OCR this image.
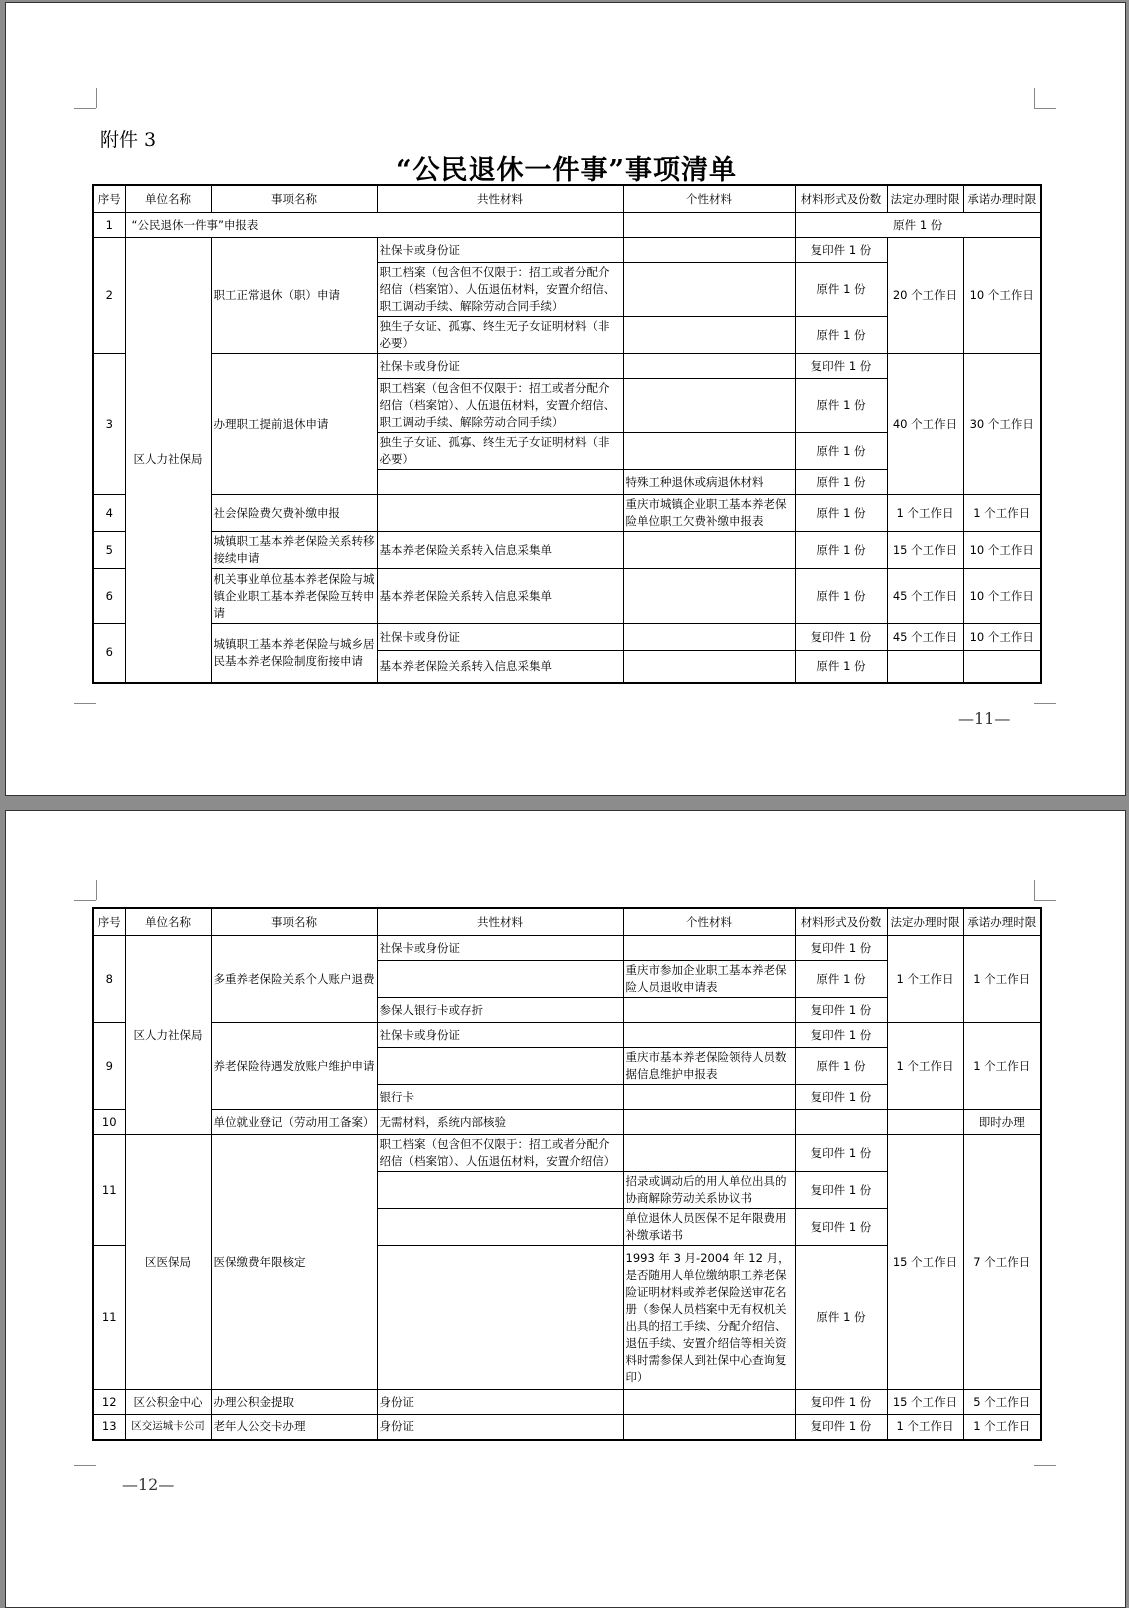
附件 3
“公民退休一件事”事项清单
序号	单位名称	事项名称	共性材料	个性材料	材料形式及份数	法定办理时限	承诺办理时限
1	“公民退休一件事”申报表				原件 1 份		
2	区人力社保局	职工正常退休（职）申请	社保卡或身份证		复印件 1 份	20 个工作日	10 个工作日
			职工档案（包含但不仅限于：招工或者分配介绍信（档案馆）、人伍退伍材料，安置介绍信、职工调动手续、解除劳动合同手续）		原件 1 份		
			独生子女证、孤寡、终生无子女证明材料（非必要）		原件 1 份		
3		办理职工提前退休申请	社保卡或身份证		复印件 1 份	40 个工作日	30 个工作日
			职工档案（包含但不仅限于：招工或者分配介绍信（档案馆）、人伍退伍材料，安置介绍信、职工调动手续、解除劳动合同手续）		原件 1 份		
			独生子女证、孤寡、终生无子女证明材料（非必要）		原件 1 份		
				特殊工种退休或病退休材料	原件 1 份		
4		社会保险费欠费补缴申报		重庆市城镇企业职工基本养老保险单位职工欠费补缴申报表	原件 1 份	1 个工作日	1 个工作日
5		城镇职工基本养老保险关系转移接续申请	基本养老保险关系转入信息采集单		原件 1 份	15 个工作日	10 个工作日
6		机关事业单位基本养老保险与城镇企业职工基本养老保险互转申请	基本养老保险关系转入信息采集单		原件 1 份	45 个工作日	10 个工作日
6		城镇职工基本养老保险与城乡居民基本养老保险制度衔接申请	社保卡或身份证		复印件 1 份	45 个工作日	10 个工作日
			基本养老保险关系转入信息采集单		原件 1 份		
—11—
序号	单位名称	事项名称	共性材料	个性材料	材料形式及份数	法定办理时限	承诺办理时限
8	区人力社保局	多重养老保险关系个人账户退费	社保卡或身份证		复印件 1 份	1 个工作日	1 个工作日
				重庆市参加企业职工基本养老保险人员退收申请表	原件 1 份		
			参保人银行卡或存折		复印件 1 份		
9		养老保险待遇发放账户维护申请	社保卡或身份证		复印件 1 份	1 个工作日	1 个工作日
				重庆市基本养老保险领待人员数据信息维护申报表	原件 1 份		
			银行卡		复印件 1 份		
10		单位就业登记（劳动用工备案）	无需材料，系统内部核验				即时办理
11	区医保局	医保缴费年限核定	职工档案（包含但不仅限于：招工或者分配介绍信（档案馆）、人伍退伍材料，安置介绍信）		复印件 1 份	15 个工作日	7 个工作日
				招录或调动后的用人单位出具的协商解除劳动关系协议书	复印件 1 份		
				单位退休人员医保不足年限费用补缴承诺书	复印件 1 份		
11				1993 年 3 月-2004 年 12 月，是否随用人单位缴纳职工养老保险证明材料或养老保险送审花名册（参保人员档案中无有权机关出具的招工手续、分配介绍信、退伍手续、安置介绍信等相关资料时需参保人到社保中心查询复印）	原件 1 份		
12	区公积金中心	办理公积金提取	身份证		复印件 1 份	15 个工作日	5 个工作日
13	区交运城卡公司	老年人公交卡办理	身份证		复印件 1 份	1 个工作日	1 个工作日
—12—
